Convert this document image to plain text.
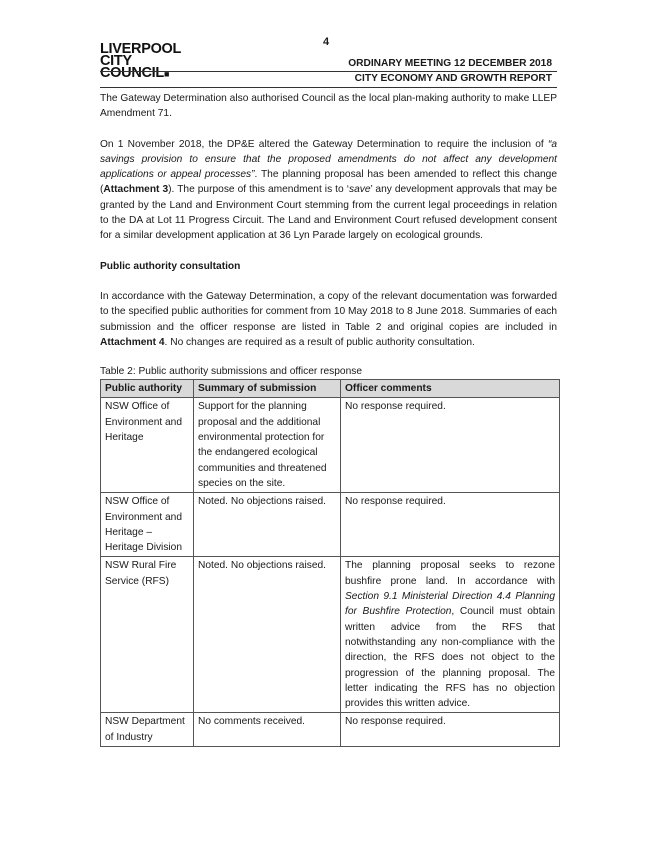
4
LIVERPOOL
CITY
COUNCIL■
ORDINARY MEETING 12 DECEMBER 2018
CITY ECONOMY AND GROWTH REPORT

The Gateway Determination also authorised Council as the local plan-making authority to make LLEP Amendment 71.

On 1 November 2018, the DP&E altered the Gateway Determination to require the inclusion of “a savings provision to ensure that the proposed amendments do not affect any development applications or appeal processes”. The planning proposal has been amended to reflect this change (Attachment 3). The purpose of this amendment is to ‘save’ any development approvals that may be granted by the Land and Environment Court stemming from the current legal proceedings in relation to the DA at Lot 11 Progress Circuit. The Land and Environment Court refused development consent for a similar development application at 36 Lyn Parade largely on ecological grounds.

Public authority consultation

In accordance with the Gateway Determination, a copy of the relevant documentation was forwarded to the specified public authorities for comment from 10 May 2018 to 8 June 2018. Summaries of each submission and the officer response are listed in Table 2 and original copies are included in Attachment 4. No changes are required as a result of public authority consultation.

Table 2: Public authority submissions and officer response
Public authority	Summary of submission	Officer comments
NSW Office of Environment and Heritage	Support for the planning proposal and the additional environmental protection for the endangered ecological communities and threatened species on the site.	No response required.
NSW Office of Environment and Heritage – Heritage Division	Noted. No objections raised.	No response required.
NSW Rural Fire Service (RFS)	Noted. No objections raised.	The planning proposal seeks to rezone bushfire prone land. In accordance with Section 9.1 Ministerial Direction 4.4 Planning for Bushfire Protection, Council must obtain written advice from the RFS that notwithstanding any non-compliance with the direction, the RFS does not object to the progression of the planning proposal. The letter indicating the RFS has no objection provides this written advice.
NSW Department of Industry	No comments received.	No response required.
